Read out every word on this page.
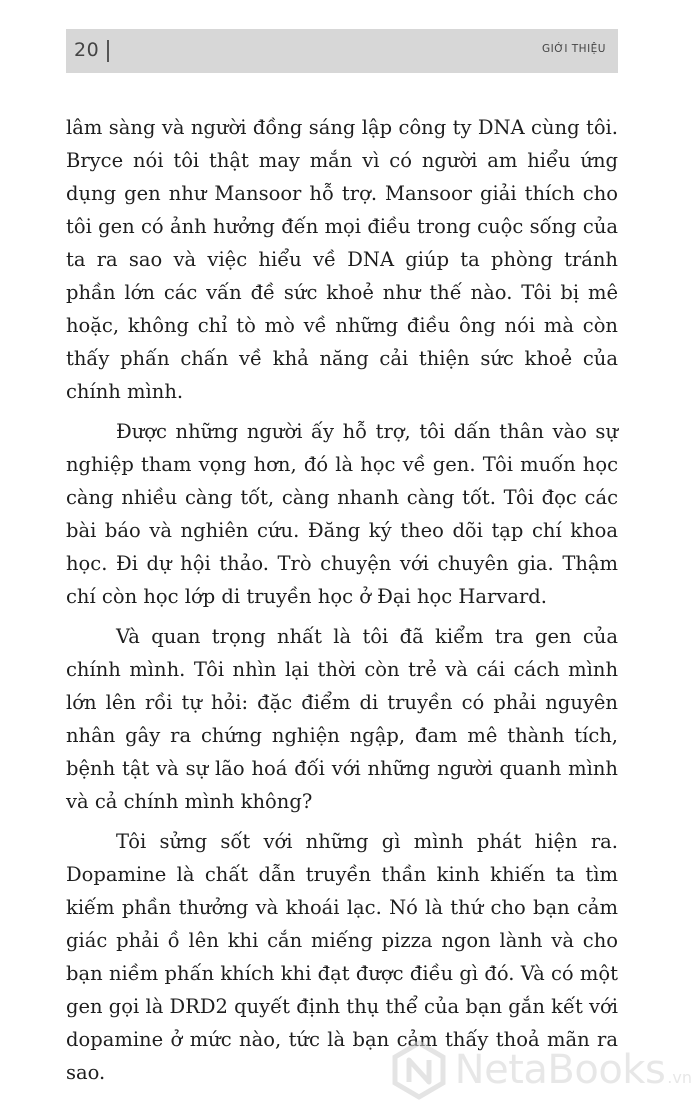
20	GIỚI THIỆU

lâm sàng và người đồng sáng lập công ty DNA cùng tôi. Bryce nói tôi thật may mắn vì có người am hiểu ứng dụng gen như Mansoor hỗ trợ. Mansoor giải thích cho tôi gen có ảnh hưởng đến mọi điều trong cuộc sống của ta ra sao và việc hiểu về DNA giúp ta phòng tránh phần lớn các vấn đề sức khoẻ như thế nào. Tôi bị mê hoặc, không chỉ tò mò về những điều ông nói mà còn thấy phấn chấn về khả năng cải thiện sức khoẻ của chính mình.

Được những người ấy hỗ trợ, tôi dấn thân vào sự nghiệp tham vọng hơn, đó là học về gen. Tôi muốn học càng nhiều càng tốt, càng nhanh càng tốt. Tôi đọc các bài báo và nghiên cứu. Đăng ký theo dõi tạp chí khoa học. Đi dự hội thảo. Trò chuyện với chuyên gia. Thậm chí còn học lớp di truyền học ở Đại học Harvard.

Và quan trọng nhất là tôi đã kiểm tra gen của chính mình. Tôi nhìn lại thời còn trẻ và cái cách mình lớn lên rồi tự hỏi: đặc điểm di truyền có phải nguyên nhân gây ra chứng nghiện ngập, đam mê thành tích, bệnh tật và sự lão hoá đối với những người quanh mình và cả chính mình không?

Tôi sửng sốt với những gì mình phát hiện ra. Dopamine là chất dẫn truyền thần kinh khiến ta tìm kiếm phần thưởng và khoái lạc. Nó là thứ cho bạn cảm giác phải ồ lên khi cắn miếng pizza ngon lành và cho bạn niềm phấn khích khi đạt được điều gì đó. Và có một gen gọi là DRD2 quyết định thụ thể của bạn gắn kết với dopamine ở mức nào, tức là bạn cảm thấy thoả mãn ra sao.	NetaBooks .vn
